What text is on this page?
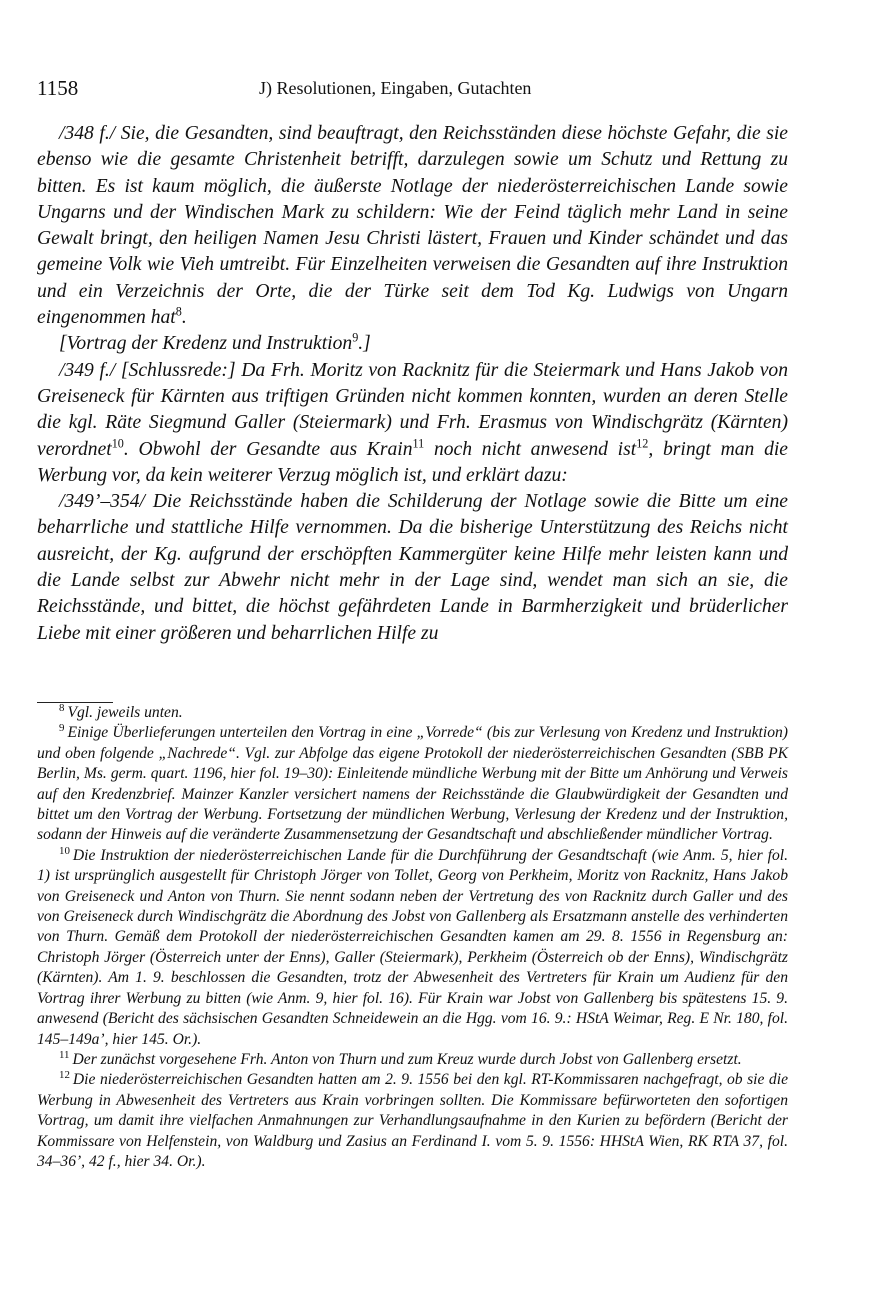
1158	J) Resolutionen, Eingaben, Gutachten

/348 f./ Sie, die Gesandten, sind beauftragt, den Reichsständen diese höchste Gefahr, die sie ebenso wie die gesamte Christenheit betrifft, darzulegen sowie um Schutz und Rettung zu bitten. Es ist kaum möglich, die äußerste Notlage der niederösterreichischen Lande sowie Ungarns und der Windischen Mark zu schildern: Wie der Feind täglich mehr Land in seine Gewalt bringt, den heiligen Namen Jesu Christi lästert, Frauen und Kinder schändet und das gemeine Volk wie Vieh umtreibt. Für Einzelheiten verweisen die Gesandten auf ihre Instruktion und ein Verzeichnis der Orte, die der Türke seit dem Tod Kg. Ludwigs von Ungarn eingenommen hat$^8$.

[Vortrag der Kredenz und Instruktion$^9$.]

/349 f./ [Schlussrede:] Da Frh. Moritz von Racknitz für die Steiermark und Hans Jakob von Greiseneck für Kärnten aus triftigen Gründen nicht kommen konnten, wurden an deren Stelle die kgl. Räte Siegmund Galler (Steiermark) und Frh. Erasmus von Windischgrätz (Kärnten) verordnet$^{10}$. Obwohl der Gesandte aus Krain$^{11}$ noch nicht anwesend ist$^{12}$, bringt man die Werbung vor, da kein weiterer Verzug möglich ist, und erklärt dazu:

/349’–354/ Die Reichsstände haben die Schilderung der Notlage sowie die Bitte um eine beharrliche und stattliche Hilfe vernommen. Da die bisherige Unterstützung des Reichs nicht ausreicht, der Kg. aufgrund der erschöpften Kammergüter keine Hilfe mehr leisten kann und die Lande selbst zur Abwehr nicht mehr in der Lage sind, wendet man sich an sie, die Reichsstände, und bittet, die höchst gefährdeten Lande in Barmherzigkeit und brüderlicher Liebe mit einer größeren und beharrlichen Hilfe zu

$^8$ Vgl. jeweils unten.

$^9$ Einige Überlieferungen unterteilen den Vortrag in eine „Vorrede“ (bis zur Verlesung von Kredenz und Instruktion) und oben folgende „Nachrede“. Vgl. zur Abfolge das eigene Protokoll der niederösterreichischen Gesandten (SBB PK Berlin, Ms. germ. quart. 1196, hier fol. 19–30): Einleitende mündliche Werbung mit der Bitte um Anhörung und Verweis auf den Kredenzbrief. Mainzer Kanzler versichert namens der Reichsstände die Glaubwürdigkeit der Gesandten und bittet um den Vortrag der Werbung. Fortsetzung der mündlichen Werbung, Verlesung der Kredenz und der Instruktion, sodann der Hinweis auf die veränderte Zusammensetzung der Gesandtschaft und abschließender mündlicher Vortrag.

$^{10}$ Die Instruktion der niederösterreichischen Lande für die Durchführung der Gesandtschaft (wie Anm. 5, hier fol. 1) ist ursprünglich ausgestellt für Christoph Jörger von Tollet, Georg von Perkheim, Moritz von Racknitz, Hans Jakob von Greiseneck und Anton von Thurn. Sie nennt sodann neben der Vertretung des von Racknitz durch Galler und des von Greiseneck durch Windischgrätz die Abordnung des Jobst von Gallenberg als Ersatzmann anstelle des verhinderten von Thurn. Gemäß dem Protokoll der niederösterreichischen Gesandten kamen am 29. 8. 1556 in Regensburg an: Christoph Jörger (Österreich unter der Enns), Galler (Steiermark), Perkheim (Österreich ob der Enns), Windischgrätz (Kärnten). Am 1. 9. beschlossen die Gesandten, trotz der Abwesenheit des Vertreters für Krain um Audienz für den Vortrag ihrer Werbung zu bitten (wie Anm. 9, hier fol. 16). Für Krain war Jobst von Gallenberg bis spätestens 15. 9. anwesend (Bericht des sächsischen Gesandten Schneidewein an die Hgg. vom 16. 9.: HStA Weimar, Reg. E Nr. 180, fol. 145–149a’, hier 145. Or.).

$^{11}$ Der zunächst vorgesehene Frh. Anton von Thurn und zum Kreuz wurde durch Jobst von Gallenberg ersetzt.

$^{12}$ Die niederösterreichischen Gesandten hatten am 2. 9. 1556 bei den kgl. RT-Kommissaren nachgefragt, ob sie die Werbung in Abwesenheit des Vertreters aus Krain vorbringen sollten. Die Kommissare befürworteten den sofortigen Vortrag, um damit ihre vielfachen Anmahnungen zur Verhandlungsaufnahme in den Kurien zu befördern (Bericht der Kommissare von Helfenstein, von Waldburg und Zasius an Ferdinand I. vom 5. 9. 1556: HHStA Wien, RK RTA 37, fol. 34–36’, 42 f., hier 34. Or.).
